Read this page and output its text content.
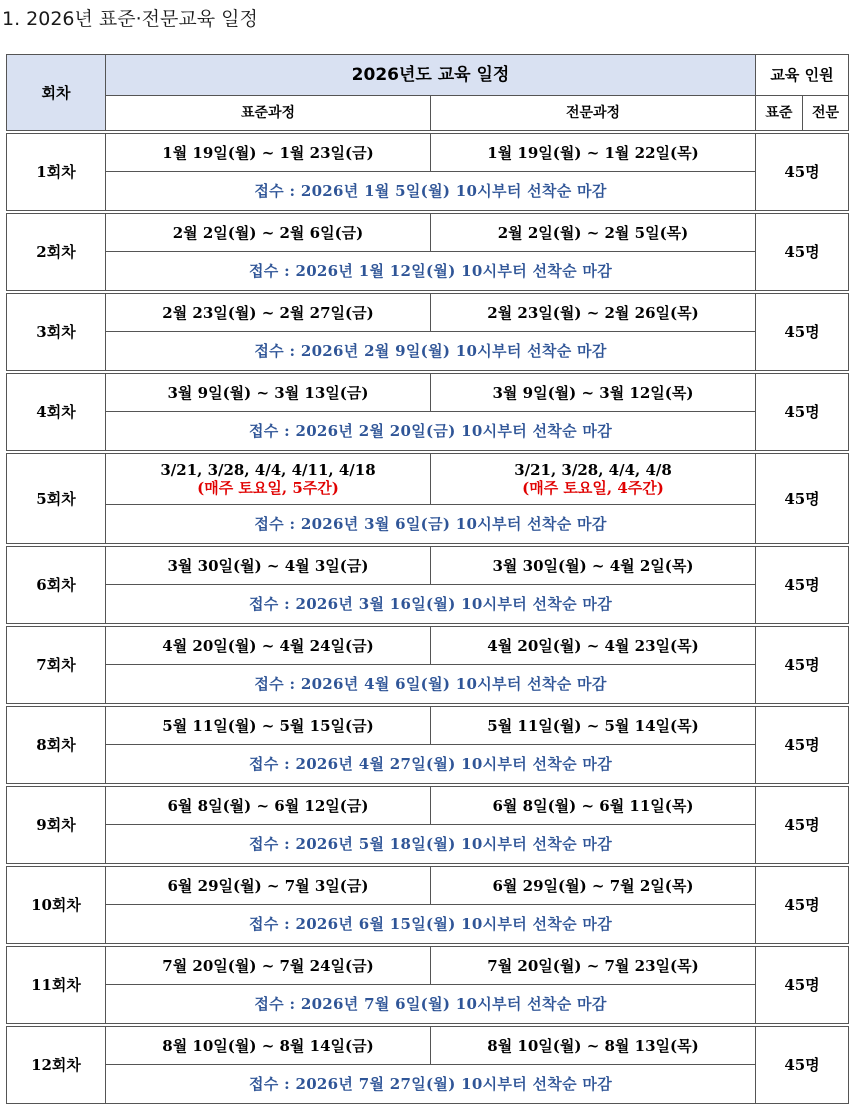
1. 2026년 표준·전문교육 일정
회차	2026년도 교육 일정		교육 인원	
	표준과정	전문과정	표준	전문

1회차	1월 19일(월) ~ 1월 23일(금)	1월 19일(월) ~ 1월 22일(목)	45명	
	접수 : 2026년 1월 5일(월) 10시부터 선착순 마감			

2회차	2월 2일(월) ~ 2월 6일(금)	2월 2일(월) ~ 2월 5일(목)	45명	
	접수 : 2026년 1월 12일(월) 10시부터 선착순 마감			

3회차	2월 23일(월) ~ 2월 27일(금)	2월 23일(월) ~ 2월 26일(목)	45명	
	접수 : 2026년 2월 9일(월) 10시부터 선착순 마감			

4회차	3월 9일(월) ~ 3월 13일(금)	3월 9일(월) ~ 3월 12일(목)	45명	
	접수 : 2026년 2월 20일(금) 10시부터 선착순 마감			

5회차	3/21, 3/28, 4/4, 4/11, 4/18
(매주 토요일, 5주간)	3/21, 3/28, 4/4, 4/8
(매주 토요일, 4주간)	45명	
	접수 : 2026년 3월 6일(금) 10시부터 선착순 마감			

6회차	3월 30일(월) ~ 4월 3일(금)	3월 30일(월) ~ 4월 2일(목)	45명	
	접수 : 2026년 3월 16일(월) 10시부터 선착순 마감			

7회차	4월 20일(월) ~ 4월 24일(금)	4월 20일(월) ~ 4월 23일(목)	45명	
	접수 : 2026년 4월 6일(월) 10시부터 선착순 마감			

8회차	5월 11일(월) ~ 5월 15일(금)	5월 11일(월) ~ 5월 14일(목)	45명	
	접수 : 2026년 4월 27일(월) 10시부터 선착순 마감			

9회차	6월 8일(월) ~ 6월 12일(금)	6월 8일(월) ~ 6월 11일(목)	45명	
	접수 : 2026년 5월 18일(월) 10시부터 선착순 마감			

10회차	6월 29일(월) ~ 7월 3일(금)	6월 29일(월) ~ 7월 2일(목)	45명	
	접수 : 2026년 6월 15일(월) 10시부터 선착순 마감			

11회차	7월 20일(월) ~ 7월 24일(금)	7월 20일(월) ~ 7월 23일(목)	45명	
	접수 : 2026년 7월 6일(월) 10시부터 선착순 마감			

12회차	8월 10일(월) ~ 8월 14일(금)	8월 10일(월) ~ 8월 13일(목)	45명	
	접수 : 2026년 7월 27일(월) 10시부터 선착순 마감			
